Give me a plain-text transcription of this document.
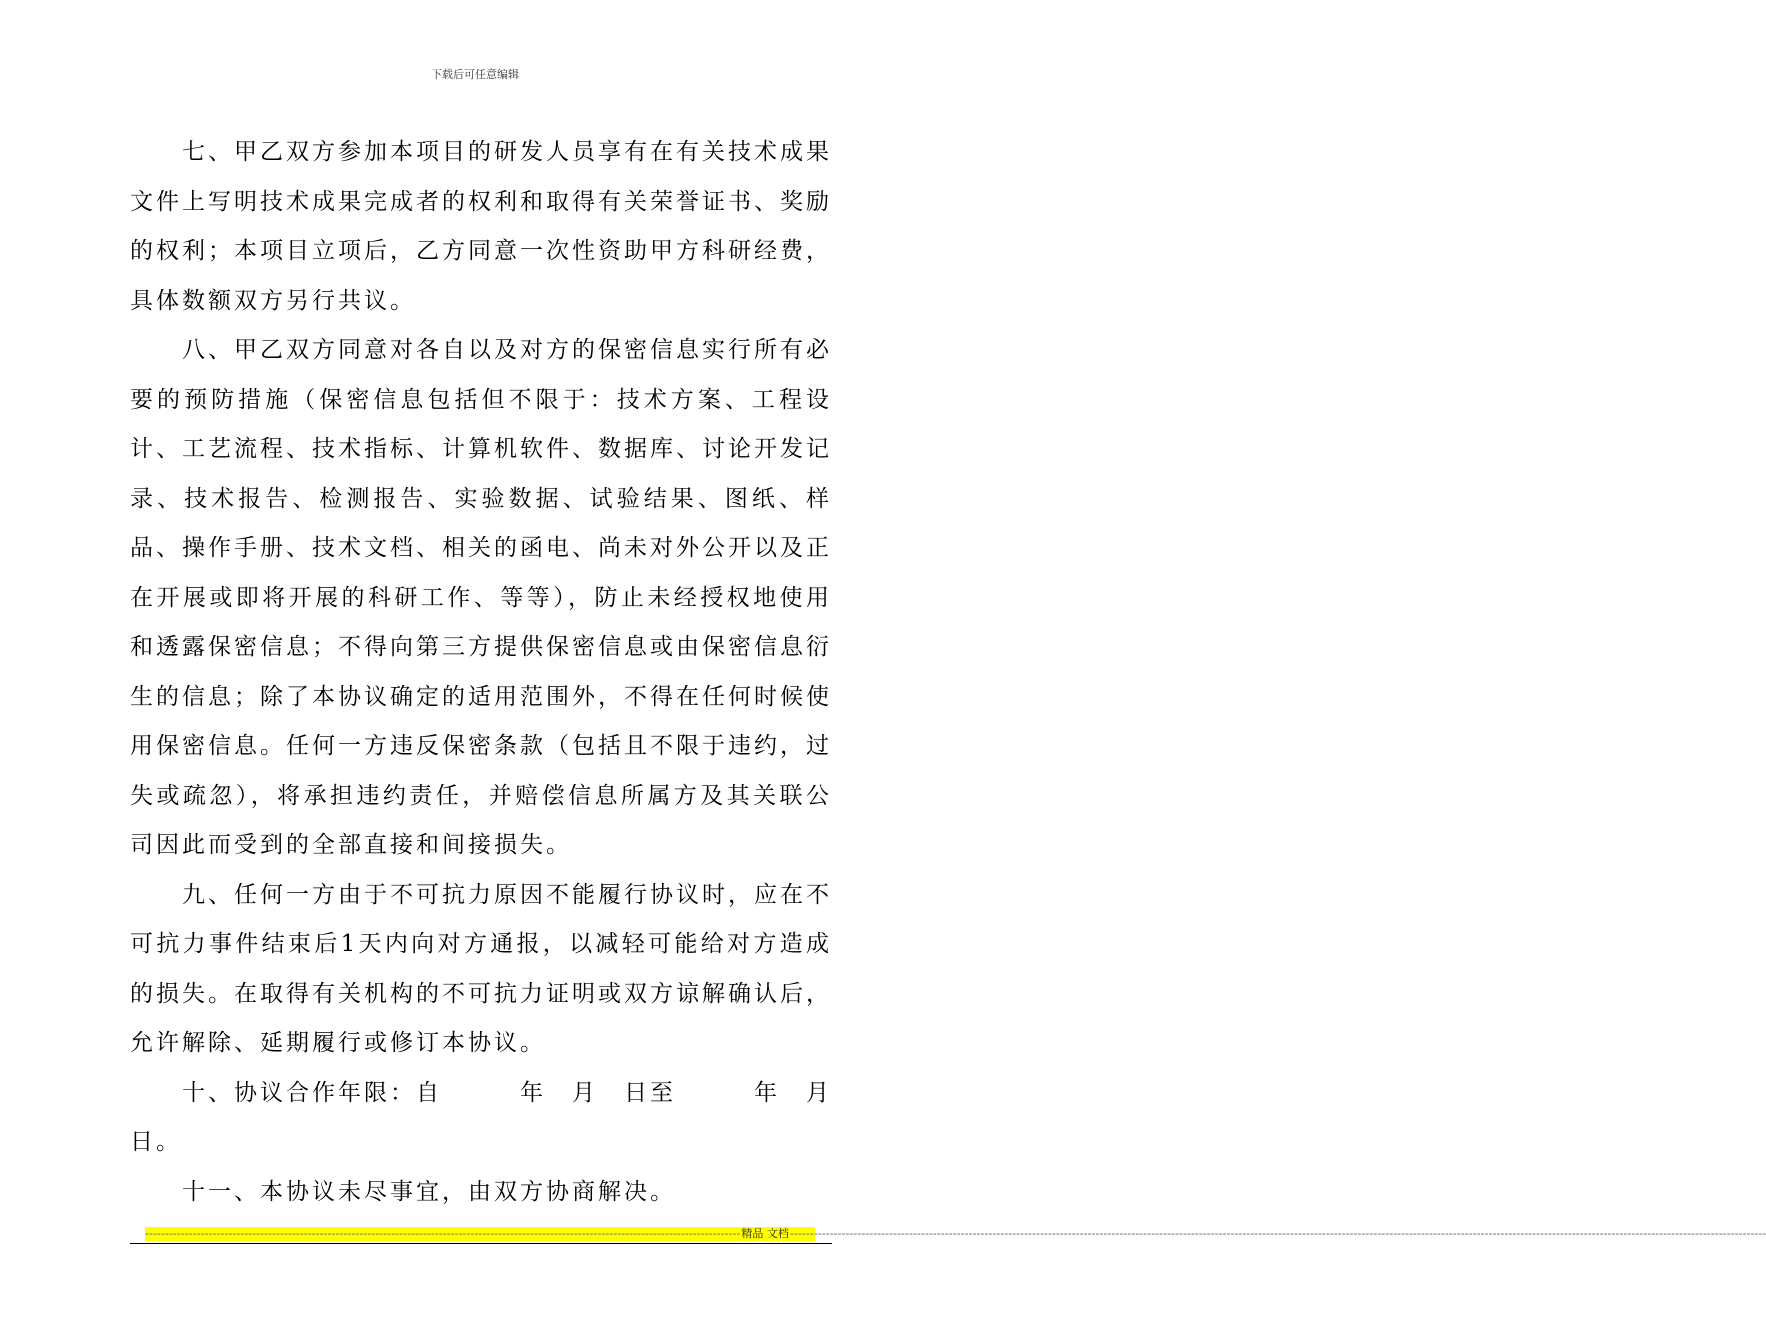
下载后可任意编辑

七、甲乙双方参加本项目的研发人员享有在有关技术成果文件上写明技术成果完成者的权利和取得有关荣誉证书、奖励的权利；本项目立项后，乙方同意一次性资助甲方科研经费，具体数额双方另行共议。

八、甲乙双方同意对各自以及对方的保密信息实行所有必要的预防措施（保密信息包括但不限于：技术方案、工程设计、工艺流程、技术指标、计算机软件、数据库、讨论开发记录、技术报告、检测报告、实验数据、试验结果、图纸、样品、操作手册、技术文档、相关的函电、尚未对外公开以及正在开展或即将开展的科研工作、等等），防止未经授权地使用和透露保密信息；不得向第三方提供保密信息或由保密信息衍生的信息；除了本协议确定的适用范围外，不得在任何时候使用保密信息。任何一方违反保密条款（包括且不限于违约，过失或疏忽），将承担违约责任，并赔偿信息所属方及其关联公司因此而受到的全部直接和间接损失。

九、任何一方由于不可抗力原因不能履行协议时，应在不可抗力事件结束后1天内向对方通报，以减轻可能给对方造成的损失。在取得有关机构的不可抗力证明或双方谅解确认后，允许解除、延期履行或修订本协议。

十、协议合作年限：自　　　年　月　日至　　　年　月日。

十一、本协议未尽事宜，由双方协商解决。

------------------------------------------------------------------------------------------------------------------------------------------------------ 精品 文档 ------------------------------------------------------------------------------------------------------------------------------------------------------------------------------------------------------------------------------------------------------
